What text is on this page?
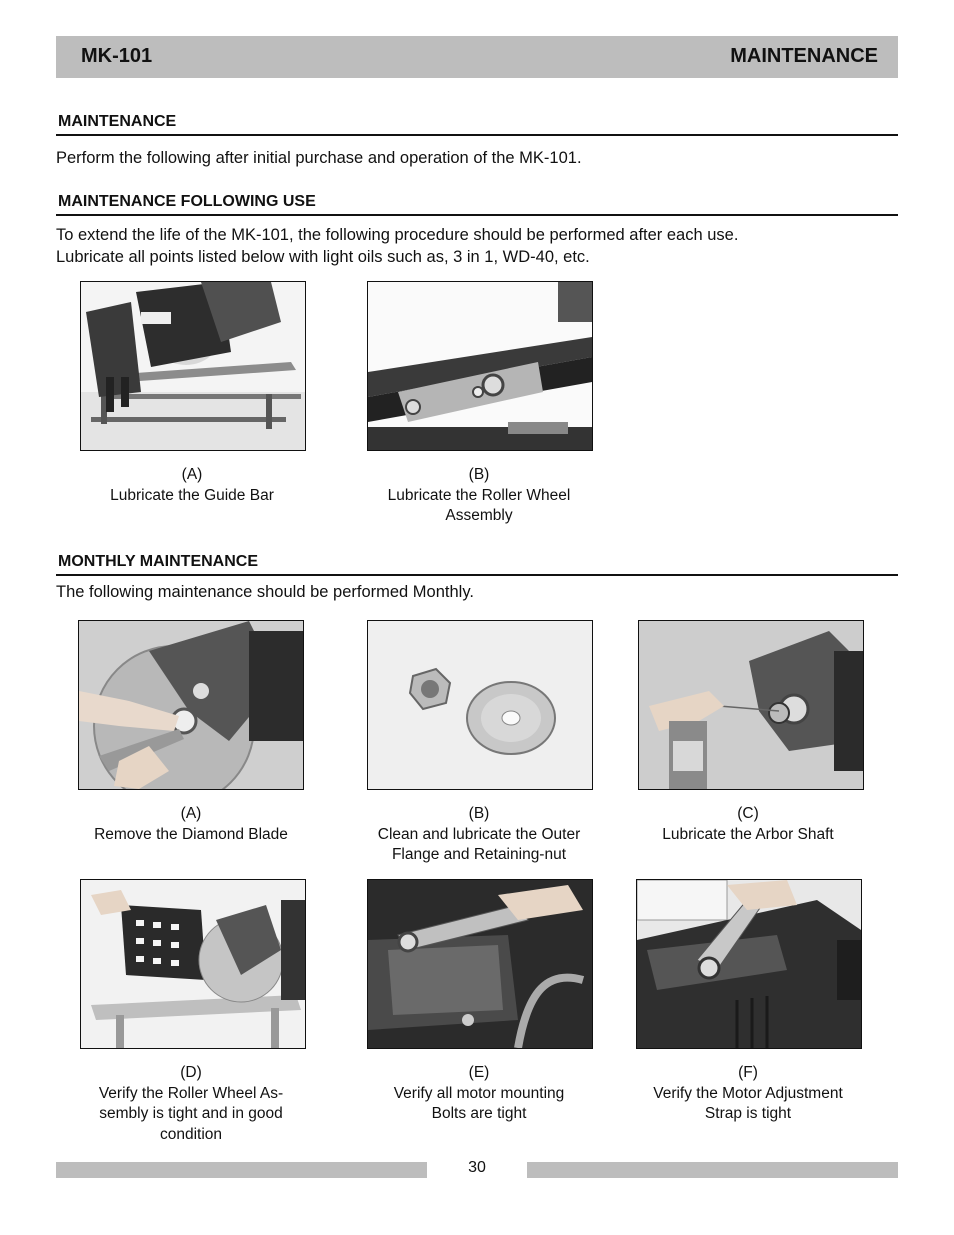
MK-101	MAINTENANCE
MAINTENANCE
Perform the following after initial purchase and operation of the MK-101.
MAINTENANCE FOLLOWING USE
To extend the life of the MK-101, the following procedure should be performed after each use.
Lubricate all points listed below with light oils such as, 3 in 1, WD-40, etc.
(A)
Lubricate the Guide Bar
(B)
Lubricate the Roller Wheel
Assembly
MONTHLY MAINTENANCE
The following maintenance should be performed Monthly.
(A)
Remove the Diamond Blade
(B)
Clean and lubricate the Outer
Flange and Retaining-nut
(C)
Lubricate the Arbor Shaft
(D)
Verify the Roller Wheel As-
sembly is tight and in good
condition
(E)
Verify all motor mounting
Bolts are tight
(F)
Verify the Motor Adjustment
Strap is tight
30
